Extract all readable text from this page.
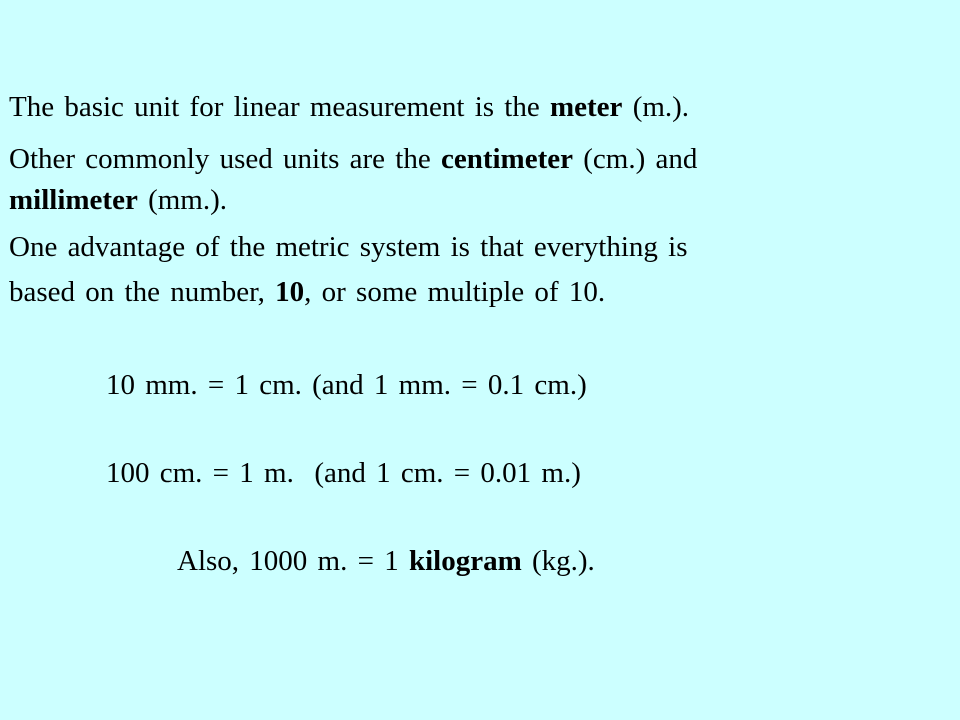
The basic unit for linear measurement is the meter (m.).
Other commonly used units are the centimeter (cm.) and
millimeter (mm.).
One advantage of the metric system is that everything is
based on the number, 10, or some multiple of 10.
10 mm. = 1 cm. (and 1 mm. = 0.1 cm.)
100 cm. = 1 m.  (and 1 cm. = 0.01 m.)
Also, 1000 m. = 1 kilogram (kg.).
